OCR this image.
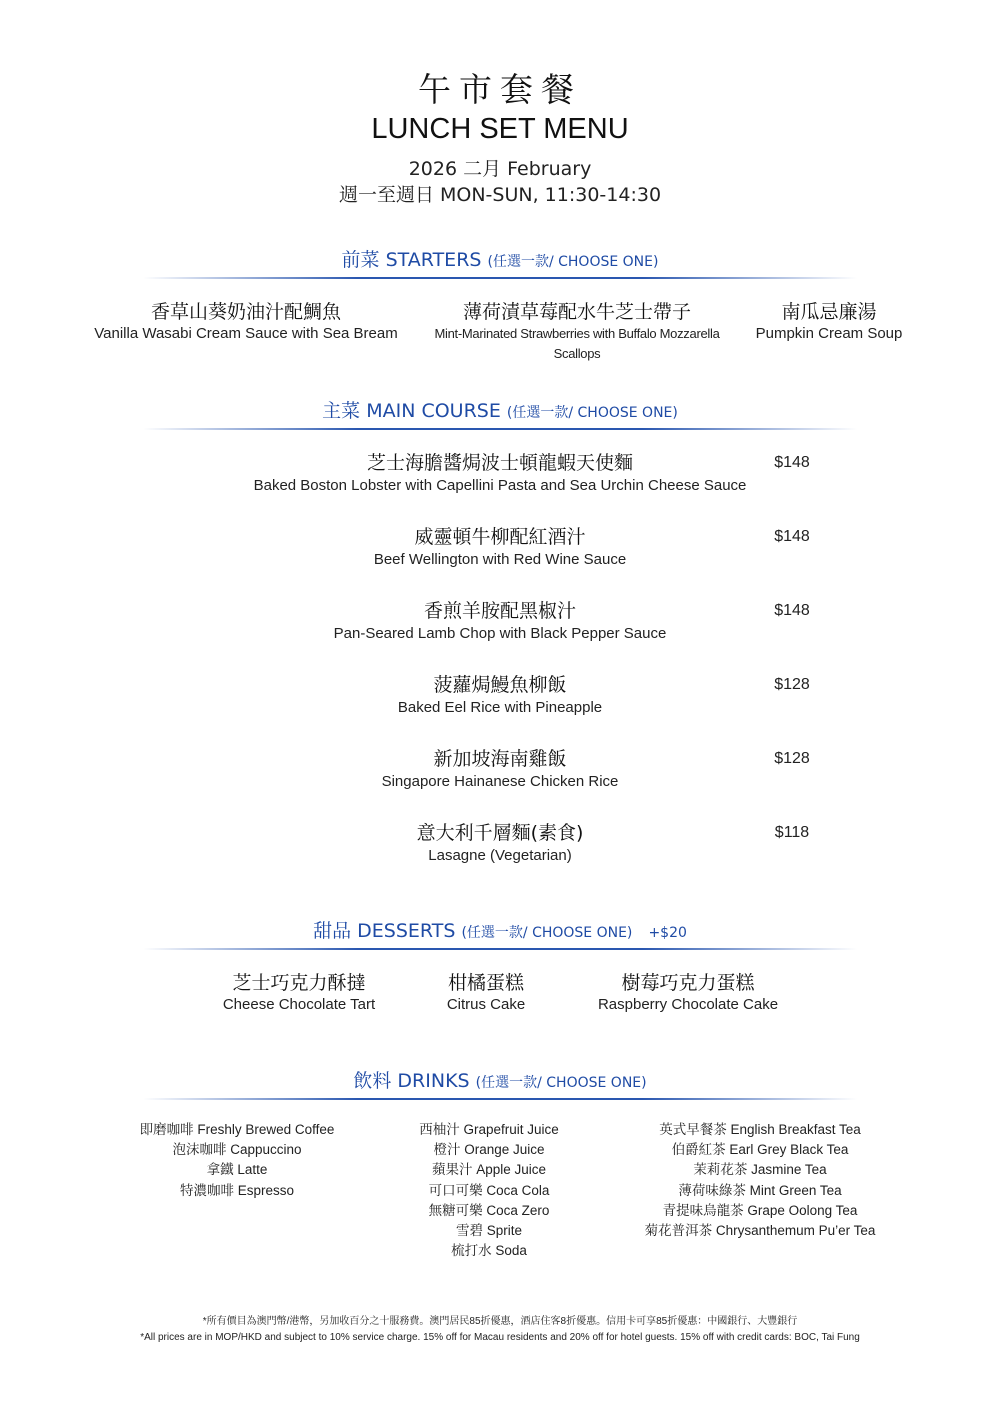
午市套餐
LUNCH SET MENU
2026 二月 February
週一至週日 MON-SUN, 11:30-14:30
前菜 STARTERS (任選一款/ CHOOSE ONE)
香草山葵奶油汁配鯛魚
Vanilla Wasabi Cream Sauce with Sea Bream
薄荷漬草莓配水牛芝士帶子
Mint-Marinated Strawberries with Buffalo Mozzarella Scallops
南瓜忌廉湯
Pumpkin Cream Soup
主菜 MAIN COURSE (任選一款/ CHOOSE ONE)
芝士海膽醬焗波士頓龍蝦天使麵
Baked Boston Lobster with Capellini Pasta and Sea Urchin Cheese Sauce
$148
威靈頓牛柳配紅酒汁
Beef Wellington with Red Wine Sauce
$148
香煎羊胺配黑椒汁
Pan-Seared Lamb Chop with Black Pepper Sauce
$148
菠蘿焗鰻魚柳飯
Baked Eel Rice with Pineapple
$128
新加坡海南雞飯
Singapore Hainanese Chicken Rice
$128
意大利千層麵(素食)
Lasagne (Vegetarian)
$118
甜品 DESSERTS (任選一款/ CHOOSE ONE) +$20
芝士巧克力酥撻
Cheese Chocolate Tart
柑橘蛋糕
Citrus Cake
樹莓巧克力蛋糕
Raspberry Chocolate Cake
飲料 DRINKS (任選一款/ CHOOSE ONE)
即磨咖啡 Freshly Brewed Coffee
泡沫咖啡 Cappuccino
拿鐵 Latte
特濃咖啡 Espresso
西柚汁 Grapefruit Juice
橙汁 Orange Juice
蘋果汁 Apple Juice
可口可樂 Coca Cola
無糖可樂 Coca Zero
雪碧 Sprite
梳打水 Soda
英式早餐茶 English Breakfast Tea
伯爵紅茶 Earl Grey Black Tea
茉莉花茶 Jasmine Tea
薄荷味綠茶 Mint Green Tea
青提味烏龍茶 Grape Oolong Tea
菊花普洱茶 Chrysanthemum Pu’er Tea
*所有價目為澳門幣/港幣，另加收百分之十服務費。澳門居民85折優惠，酒店住客8折優惠。信用卡可享85折優惠：中國銀行、大豐銀行
*All prices are in MOP/HKD and subject to 10% service charge. 15% off for Macau residents and 20% off for hotel guests. 15% off with credit cards: BOC, Tai Fung
